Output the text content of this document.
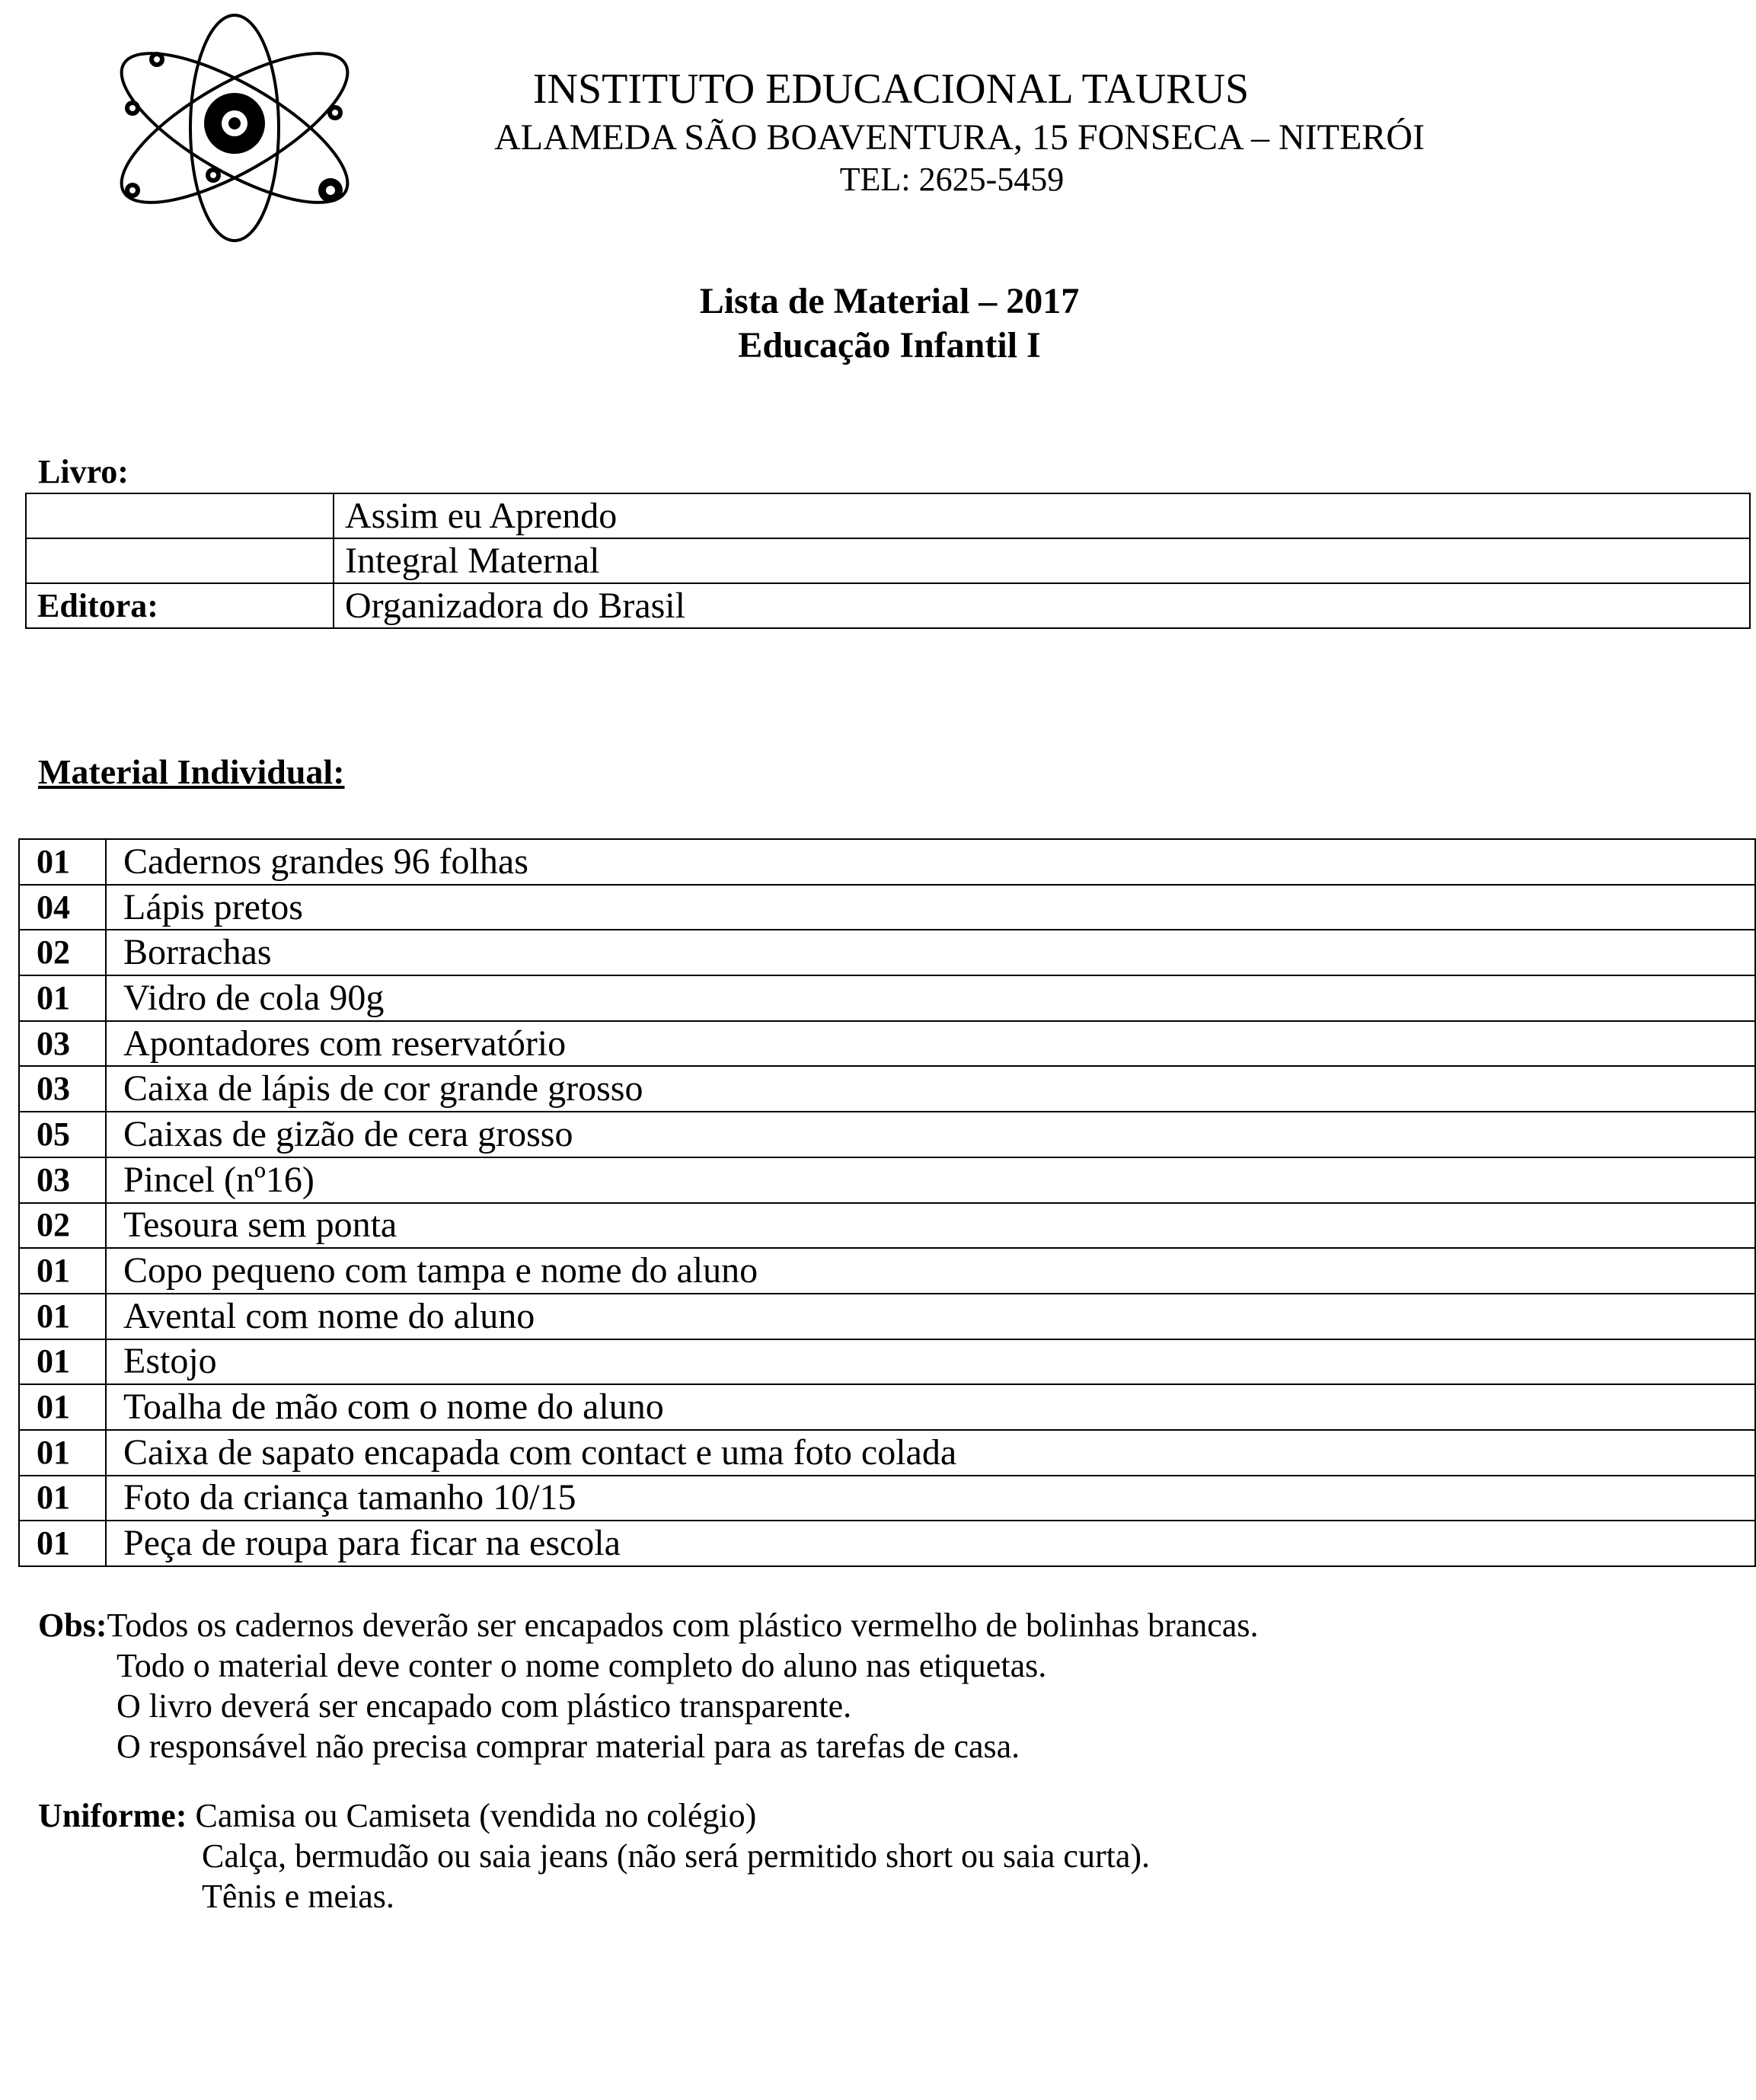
INSTITUTO EDUCACIONAL TAURUS
ALAMEDA SÃO BOAVENTURA, 15 FONSECA – NITERÓI
TEL: 2625-5459
Lista de Material – 2017
Educação Infantil I
Livro:
	Assim eu Aprendo
	Integral Maternal
Editora:	Organizadora do Brasil
Material Individual:
01	Cadernos grandes 96 folhas
04	Lápis pretos
02	Borrachas
01	Vidro de cola 90g
03	Apontadores com reservatório
03	Caixa de lápis de cor grande grosso
05	Caixas de gizão de cera grosso
03	Pincel (nº16)
02	Tesoura sem ponta
01	Copo pequeno com tampa e nome do aluno
01	Avental com nome do aluno
01	Estojo
01	Toalha de mão com o nome do aluno
01	Caixa de sapato encapada com contact e uma foto colada
01	Foto da criança tamanho 10/15
01	Peça de roupa para ficar na escola
Obs:Todos os cadernos deverão ser encapados com plástico vermelho de bolinhas brancas.
Todo o material deve conter o nome completo do aluno nas etiquetas.
O livro deverá ser encapado com plástico transparente.
O responsável não precisa comprar material para as tarefas de casa.
Uniforme: Camisa ou Camiseta (vendida no colégio)
Calça, bermudão ou saia jeans (não será permitido short ou saia curta).
Tênis e meias.
